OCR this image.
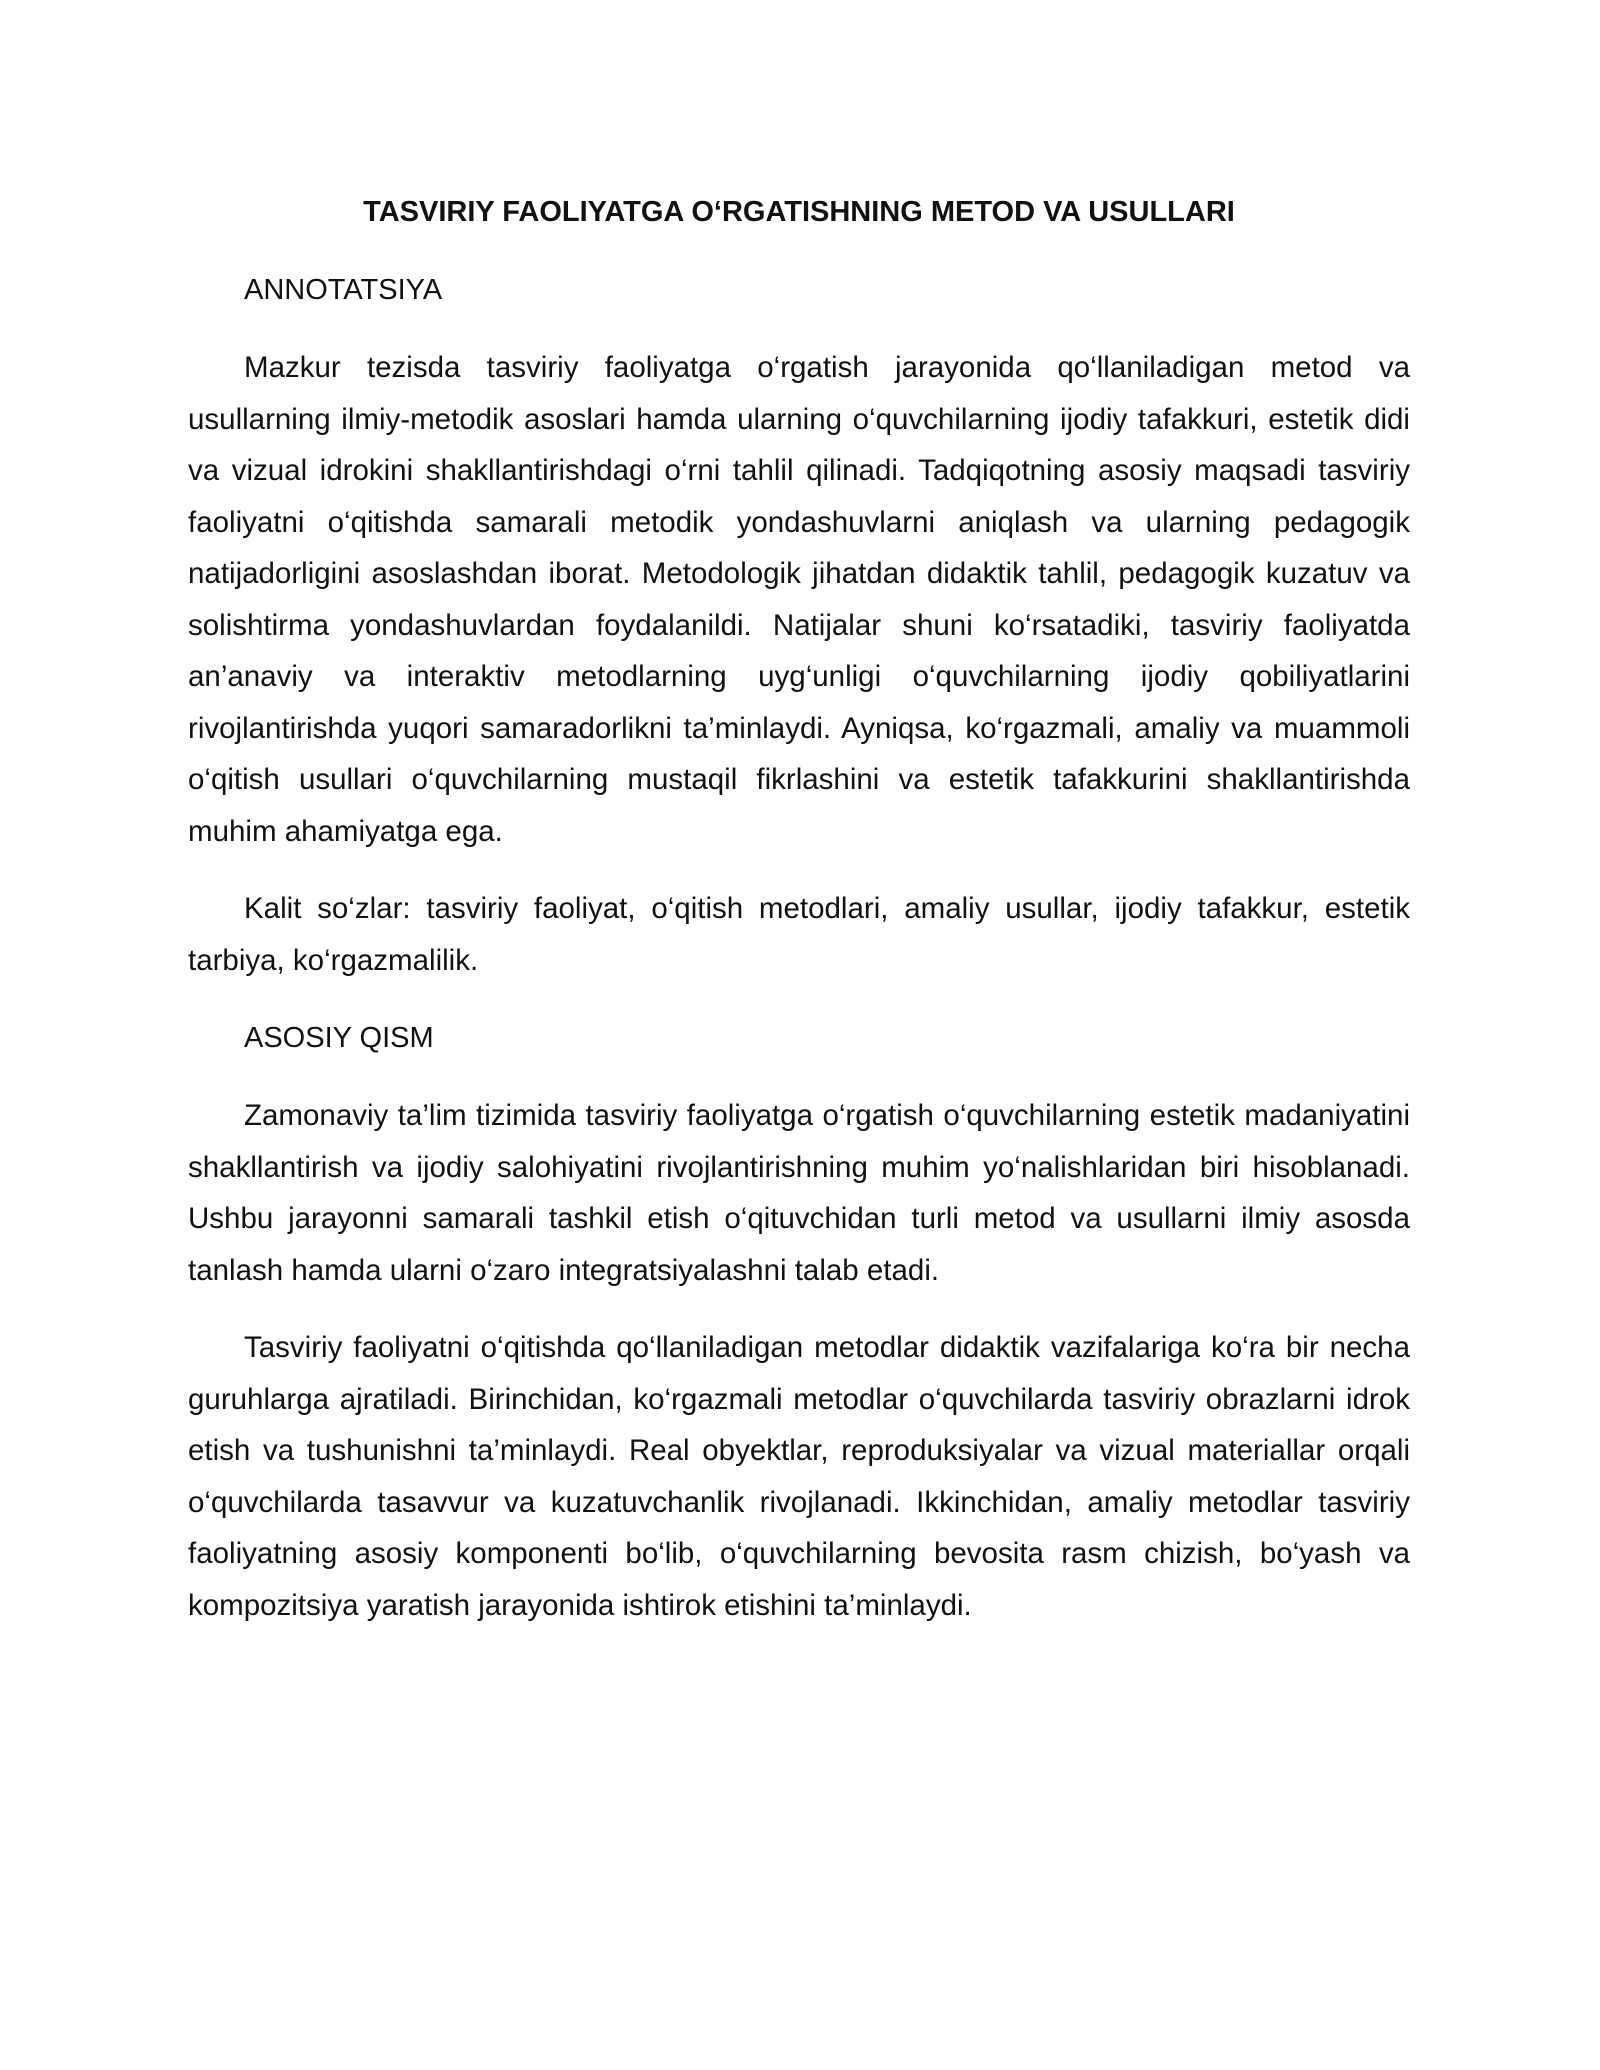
TASVIRIY FAOLIYATGA O‘RGATISHNING METOD VA USULLARI
ANNOTATSIYA

Mazkur tezisda tasviriy faoliyatga o‘rgatish jarayonida qo‘llaniladigan metod va usullarning ilmiy-metodik asoslari hamda ularning o‘quvchilarning ijodiy tafakkuri, estetik didi va vizual idrokini shakllantirishdagi o‘rni tahlil qilinadi. Tadqiqotning asosiy maqsadi tasviriy faoliyatni o‘qitishda samarali metodik yondashuvlarni aniqlash va ularning pedagogik natijadorligini asoslashdan iborat. Metodologik jihatdan didaktik tahlil, pedagogik kuzatuv va solishtirma yondashuvlardan foydalanildi. Natijalar shuni ko‘rsatadiki, tasviriy faoliyatda an’anaviy va interaktiv metodlarning uyg‘unligi o‘quvchilarning ijodiy qobiliyatlarini rivojlantirishda yuqori samaradorlikni ta’minlaydi. Ayniqsa, ko‘rgazmali, amaliy va muammoli o‘qitish usullari o‘quvchilarning mustaqil fikrlashini va estetik tafakkurini shakllantirishda muhim ahamiyatga ega.

Kalit so‘zlar: tasviriy faoliyat, o‘qitish metodlari, amaliy usullar, ijodiy tafakkur, estetik tarbiya, ko‘rgazmalilik.

ASOSIY QISM

Zamonaviy ta’lim tizimida tasviriy faoliyatga o‘rgatish o‘quvchilarning estetik madaniyatini shakllantirish va ijodiy salohiyatini rivojlantirishning muhim yo‘nalishlaridan biri hisoblanadi. Ushbu jarayonni samarali tashkil etish o‘qituvchidan turli metod va usullarni ilmiy asosda tanlash hamda ularni o‘zaro integratsiyalashni talab etadi.

Tasviriy faoliyatni o‘qitishda qo‘llaniladigan metodlar didaktik vazifalariga ko‘ra bir necha guruhlarga ajratiladi. Birinchidan, ko‘rgazmali metodlar o‘quvchilarda tasviriy obrazlarni idrok etish va tushunishni ta’minlaydi. Real obyektlar, reproduksiyalar va vizual materiallar orqali o‘quvchilarda tasavvur va kuzatuvchanlik rivojlanadi. Ikkinchidan, amaliy metodlar tasviriy faoliyatning asosiy komponenti bo‘lib, o‘quvchilarning bevosita rasm chizish, bo‘yash va kompozitsiya yaratish jarayonida ishtirok etishini ta’minlaydi.
